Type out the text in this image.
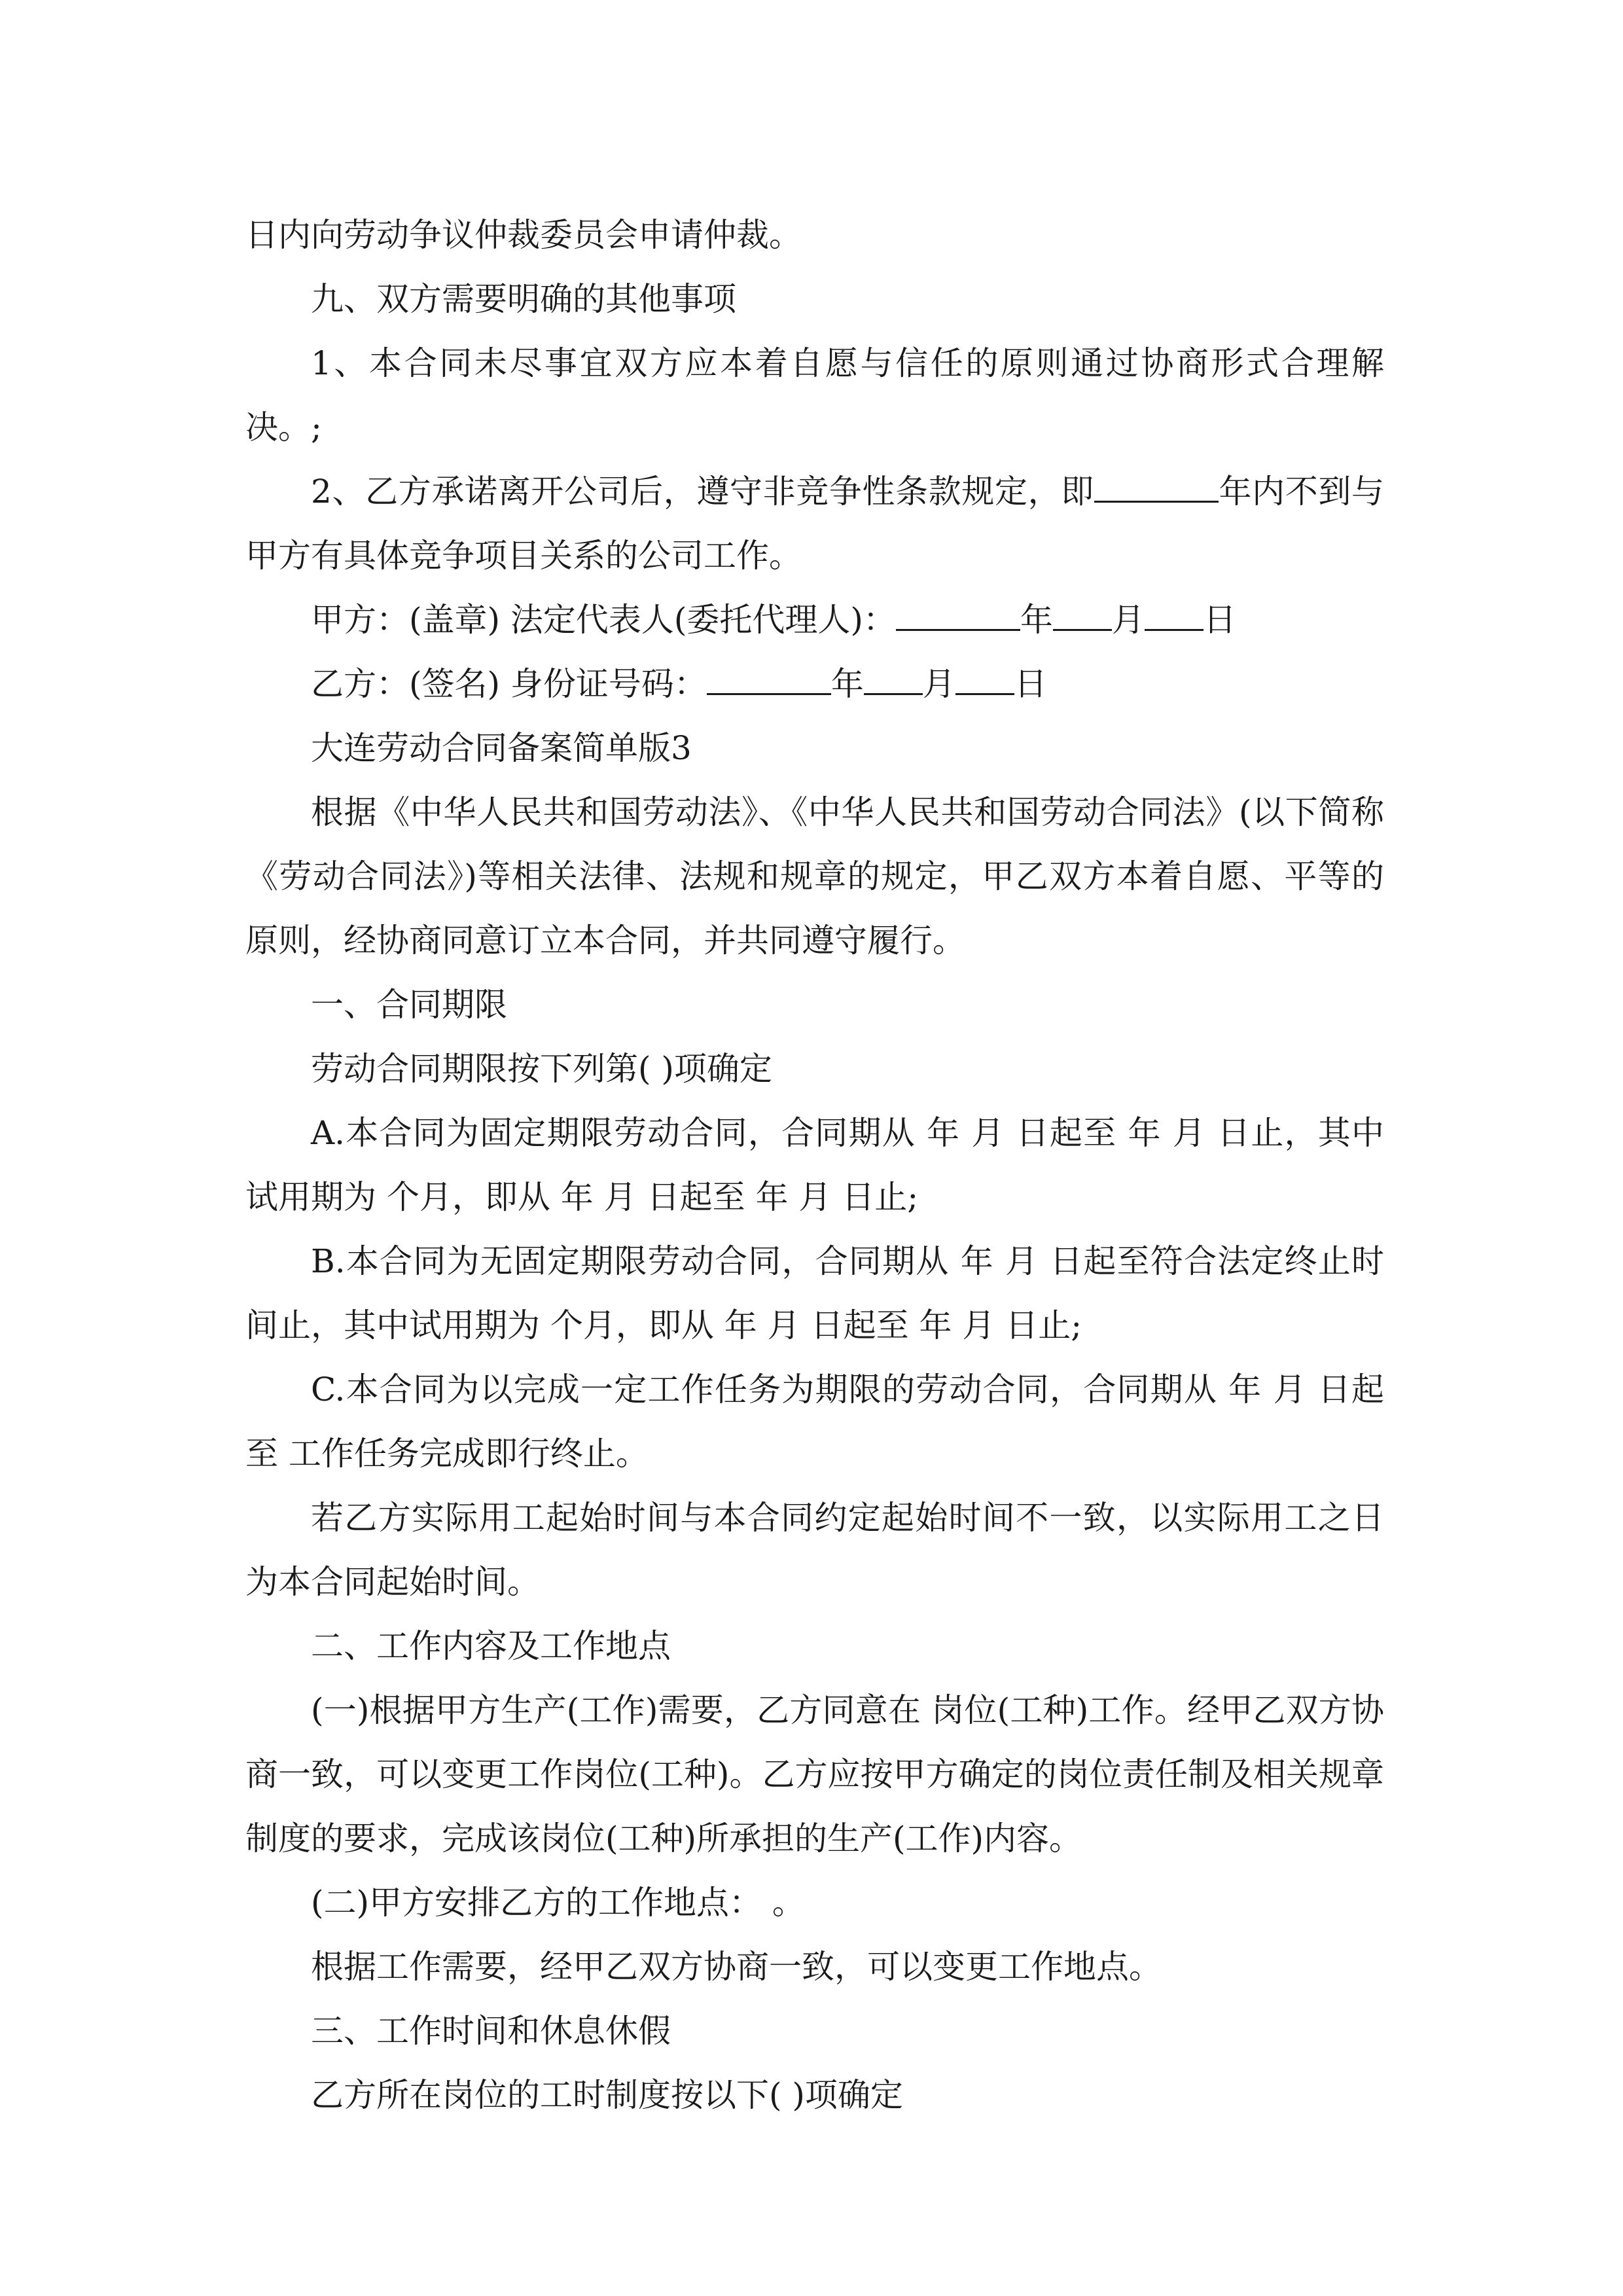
日内向劳动争议仲裁委员会申请仲裁。

九、双方需要明确的其他事项

1、本合同未尽事宜双方应本着自愿与信任的原则通过协商形式合理解决。;

2、乙方承诺离开公司后，遵守非竞争性条款规定，即	年内不到与甲方有具体竞争项目关系的公司工作。

甲方：(盖章) 法定代表人(委托代理人)：	年 月 日

乙方：(签名) 身份证号码：	年 月 日

大连劳动合同备案简单版3

根据《中华人民共和国劳动法》、《中华人民共和国劳动合同法》(以下简称《劳动合同法》)等相关法律、法规和规章的规定，甲乙双方本着自愿、平等的原则，经协商同意订立本合同，并共同遵守履行。

一、合同期限

劳动合同期限按下列第( )项确定

A.本合同为固定期限劳动合同，合同期从 年 月 日起至 年 月 日止，其中试用期为 个月，即从 年 月 日起至 年 月 日止;

B.本合同为无固定期限劳动合同，合同期从 年 月 日起至符合法定终止时间止，其中试用期为 个月，即从 年 月 日起至 年 月 日止;

C.本合同为以完成一定工作任务为期限的劳动合同，合同期从 年 月 日起至 工作任务完成即行终止。

若乙方实际用工起始时间与本合同约定起始时间不一致，以实际用工之日为本合同起始时间。

二、工作内容及工作地点

(一)根据甲方生产(工作)需要，乙方同意在 岗位(工种)工作。经甲乙双方协商一致，可以变更工作岗位(工种)。乙方应按甲方确定的岗位责任制及相关规章制度的要求，完成该岗位(工种)所承担的生产(工作)内容。

(二)甲方安排乙方的工作地点： 。

根据工作需要，经甲乙双方协商一致，可以变更工作地点。

三、工作时间和休息休假

乙方所在岗位的工时制度按以下( )项确定
